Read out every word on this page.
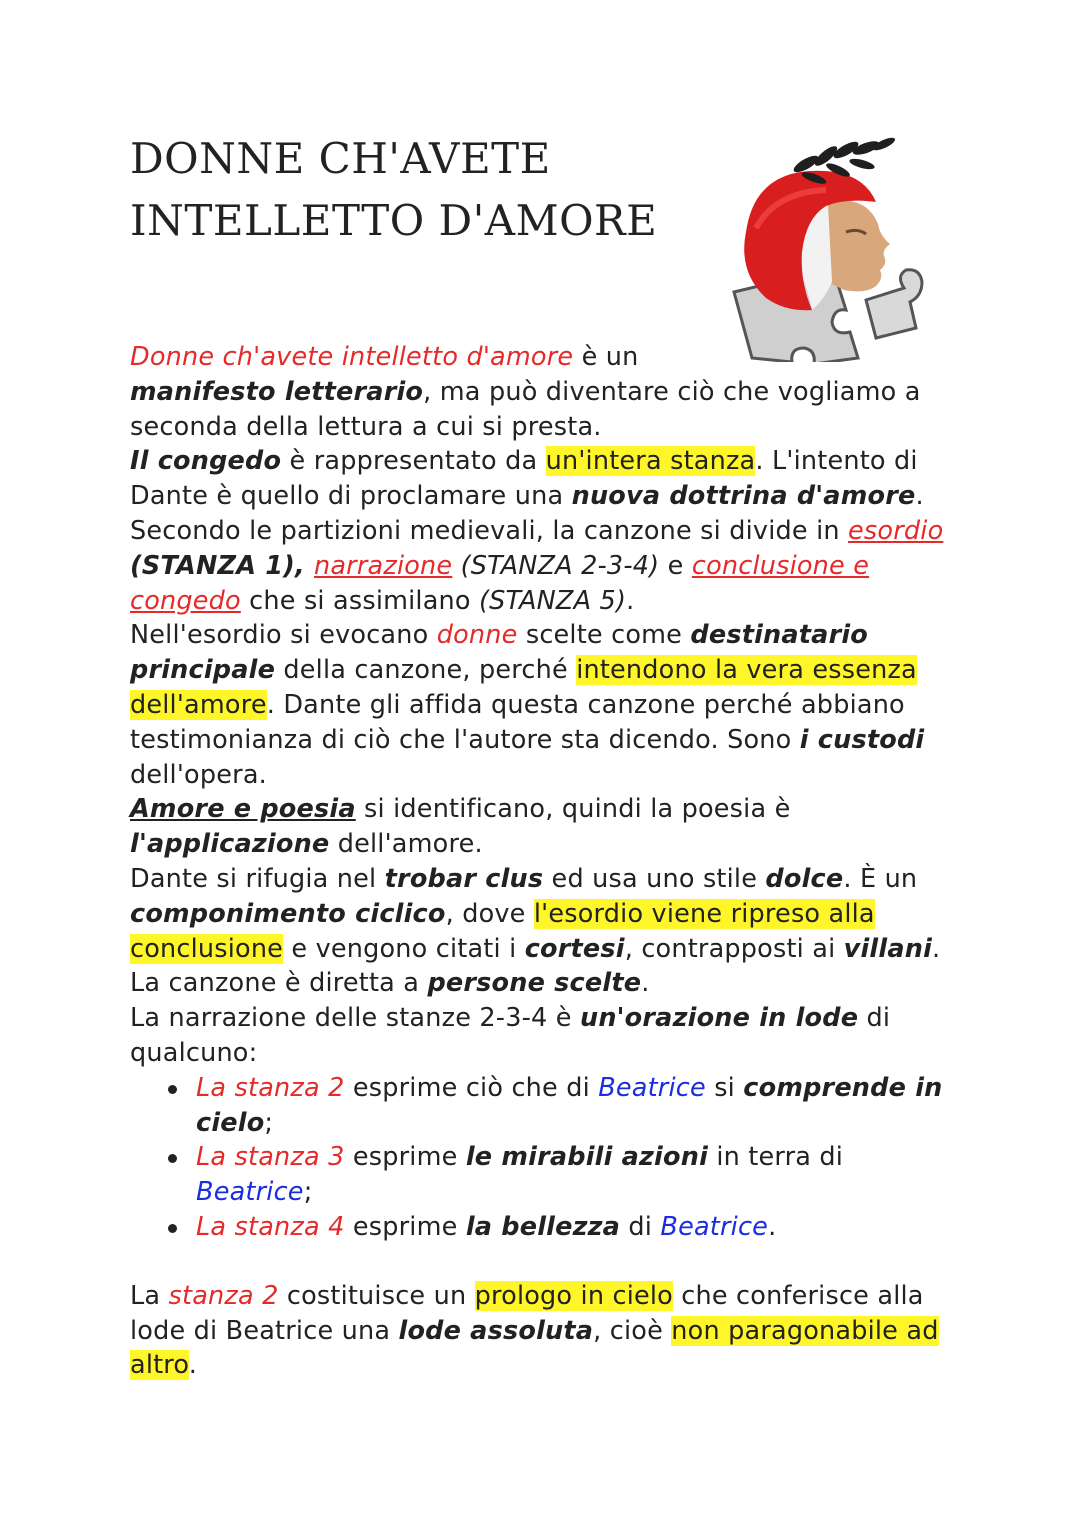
DONNE CH'AVETE
INTELLETTO D'AMORE

Donne ch'avete intelletto d'amore è un
manifesto letterario, ma può diventare ciò che vogliamo a seconda della lettura a cui si presta.

Il congedo è rappresentato da un'intera stanza. L'intento di Dante è quello di proclamare una nuova dottrina d'amore.

Secondo le partizioni medievali, la canzone si divide in esordio (STANZA 1), narrazione (STANZA 2-3-4) e conclusione e congedo che si assimilano (STANZA 5).

Nell'esordio si evocano donne scelte come destinatario principale della canzone, perché intendono la vera essenza dell'amore. Dante gli affida questa canzone perché abbiano testimonianza di ciò che l'autore sta dicendo. Sono i custodi dell'opera.

Amore e poesia si identificano, quindi la poesia è l'applicazione dell'amore.

Dante si rifugia nel trobar clus ed usa uno stile dolce. È un componimento ciclico, dove l'esordio viene ripreso alla conclusione e vengono citati i cortesi, contrapposti ai villani.

La canzone è diretta a persone scelte.

La narrazione delle stanze 2-3-4 è un'orazione in lode di qualcuno:

La stanza 2 esprime ciò che di Beatrice si comprende in cielo;
La stanza 3 esprime le mirabili azioni in terra di Beatrice;
La stanza 4 esprime la bellezza di Beatrice.

La stanza 2 costituisce un prologo in cielo che conferisce alla lode di Beatrice una lode assoluta, cioè non paragonabile ad altro.
